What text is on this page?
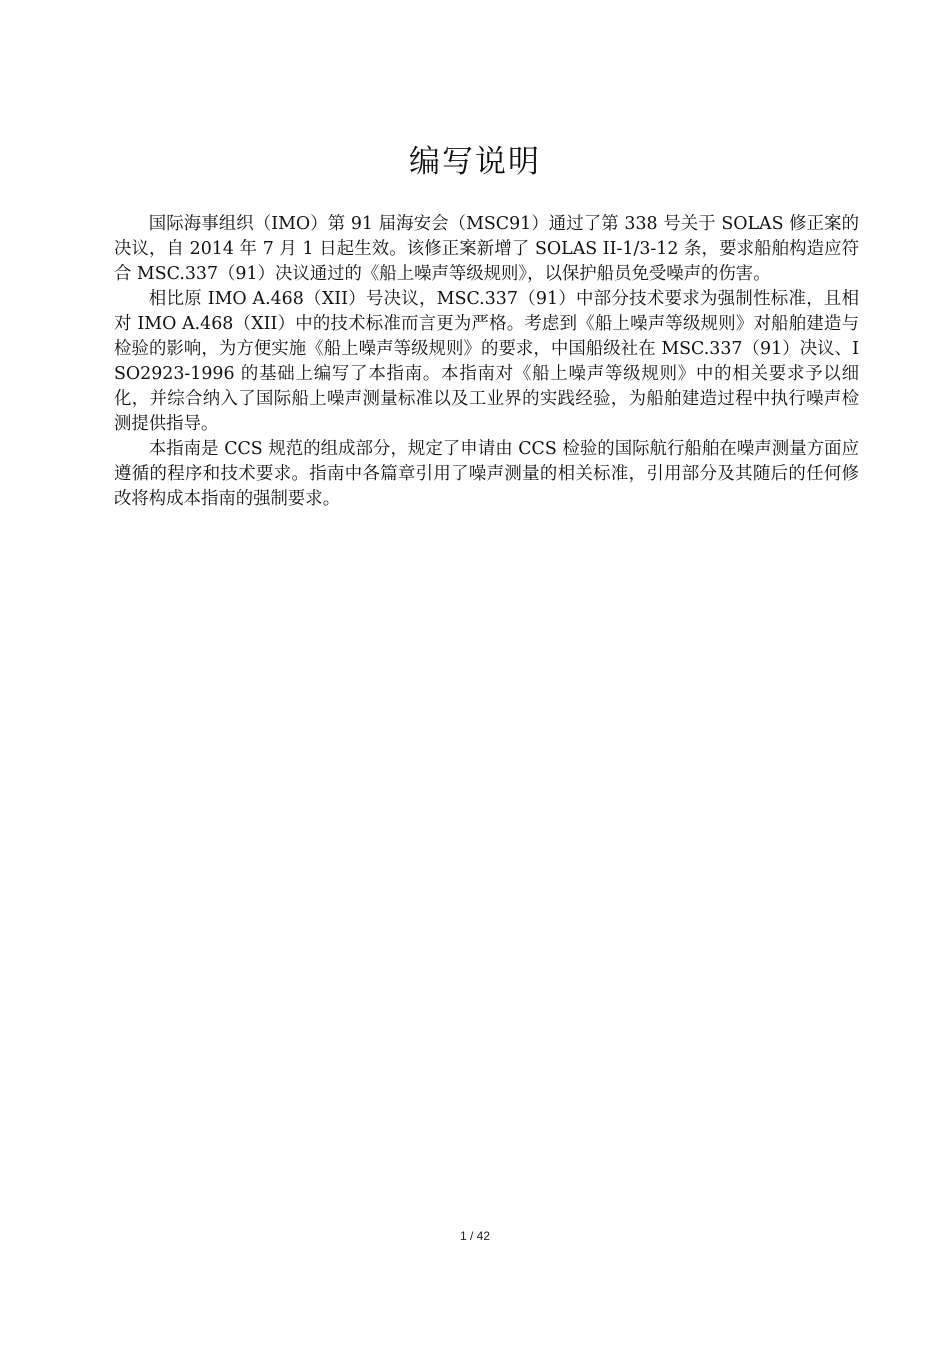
编写说明

国际海事组织（IMO）第 91 届海安会（MSC91）通过了第 338 号关于 SOLAS 修正案的决议，自 2014 年 7 月 1 日起生效。该修正案新增了 SOLAS II-1/3-12 条，要求船舶构造应符合 MSC.337（91）决议通过的《船上噪声等级规则》，以保护船员免受噪声的伤害。

相比原 IMO A.468（XII）号决议，MSC.337（91）中部分技术要求为强制性标准，且相对 IMO A.468（XII）中的技术标准而言更为严格。考虑到《船上噪声等级规则》对船舶建造与检验的影响，为方便实施《船上噪声等级规则》的要求，中国船级社在 MSC.337（91）决议、ISO2923-1996 的基础上编写了本指南。本指南对《船上噪声等级规则》中的相关要求予以细化，并综合纳入了国际船上噪声测量标准以及工业界的实践经验，为船舶建造过程中执行噪声检测提供指导。

本指南是 CCS 规范的组成部分，规定了申请由 CCS 检验的国际航行船舶在噪声测量方面应遵循的程序和技术要求。指南中各篇章引用了噪声测量的相关标准，引用部分及其随后的任何修改将构成本指南的强制要求。

1 / 42
